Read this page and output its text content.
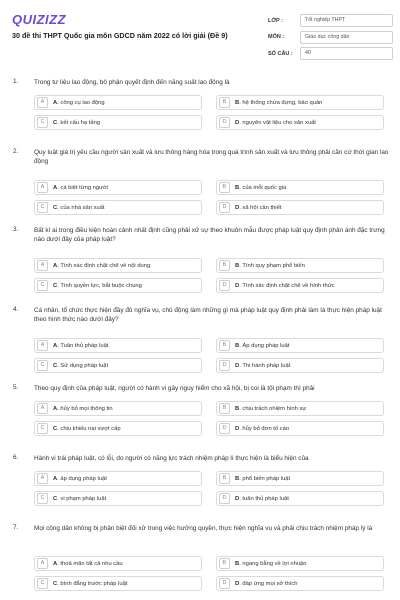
QUIZIZZ
30 đề thi THPT Quốc gia môn GDCD năm 2022 có lời giải (Đề 9)
LỚP :	Tốt nghiệp THPT
MÔN :	Giáo dục công dân
SỐ CÂU :	40
1. Trong tư liệu lao động, bộ phận quyết định đến năng suất lao động là
A	A. công cụ lao động	B	B. hệ thống chứa đựng, bảo quản
C	C. kết cấu hạ tầng	D	D. nguyên vật liệu cho sản xuất
2. Quy luật giá trị yêu cầu người sản xuất và lưu thông hàng hóa trong quá trình sản xuất và lưu thông phải căn cứ thời gian lao động
A	A. cá biệt từng người	B	B. của mỗi quốc gia
C	C. của nhà sản xuất	D	D. xã hội cần thiết
3. Bất kì ai trong điều kiện hoàn cảnh nhất định cũng phải xử sự theo khuôn mẫu được pháp luật quy định phản ánh đặc trưng nào dưới đây của pháp luật?
A	A. Tính xác định chặt chẽ về nội dung	B	B. Tính quy phạm phổ biến
C	C. Tính quyền lực, bắt buộc chung	D	D. Tính xác định chặt chẽ về hình thức
4. Cá nhân, tổ chức thực hiện đầy đủ nghĩa vụ, chủ động làm những gì mà pháp luật quy định phải làm là thực hiện pháp luật theo hình thức nào dưới đây?
A	A. Tuân thủ pháp luật	B	B. Áp dụng pháp luật
C	C. Sử dụng pháp luật	D	D. Thi hành pháp luật
5. Theo quy định của pháp luật, người có hành vi gây nguy hiểm cho xã hội, bị coi là tội phạm thì phải
A	A. hủy bỏ mọi thông tin	B	B. chịu trách nhiệm hình sự
C	C. chịu khiếu nại vượt cấp	D	D. hủy bỏ đơn tố cáo
6. Hành vi trái pháp luật, có lỗi, do người có năng lực trách nhiệm pháp lí thực hiện là biểu hiện của
A	A. áp dụng pháp luật	B	B. phổ biến pháp luật
C	C. vi phạm pháp luật	D	D. tuân thủ pháp luật
7. Mọi công dân không bị phân biệt đối xử trong việc hưởng quyền, thực hiện nghĩa vụ và phải chịu trách nhiệm pháp lý là
A	A. thoả mãn tất cả nhu cầu	B	B. ngang bằng về lợi nhuận
C	C. bình đẳng trước pháp luật	D	D. đáp ứng mọi sở thích
